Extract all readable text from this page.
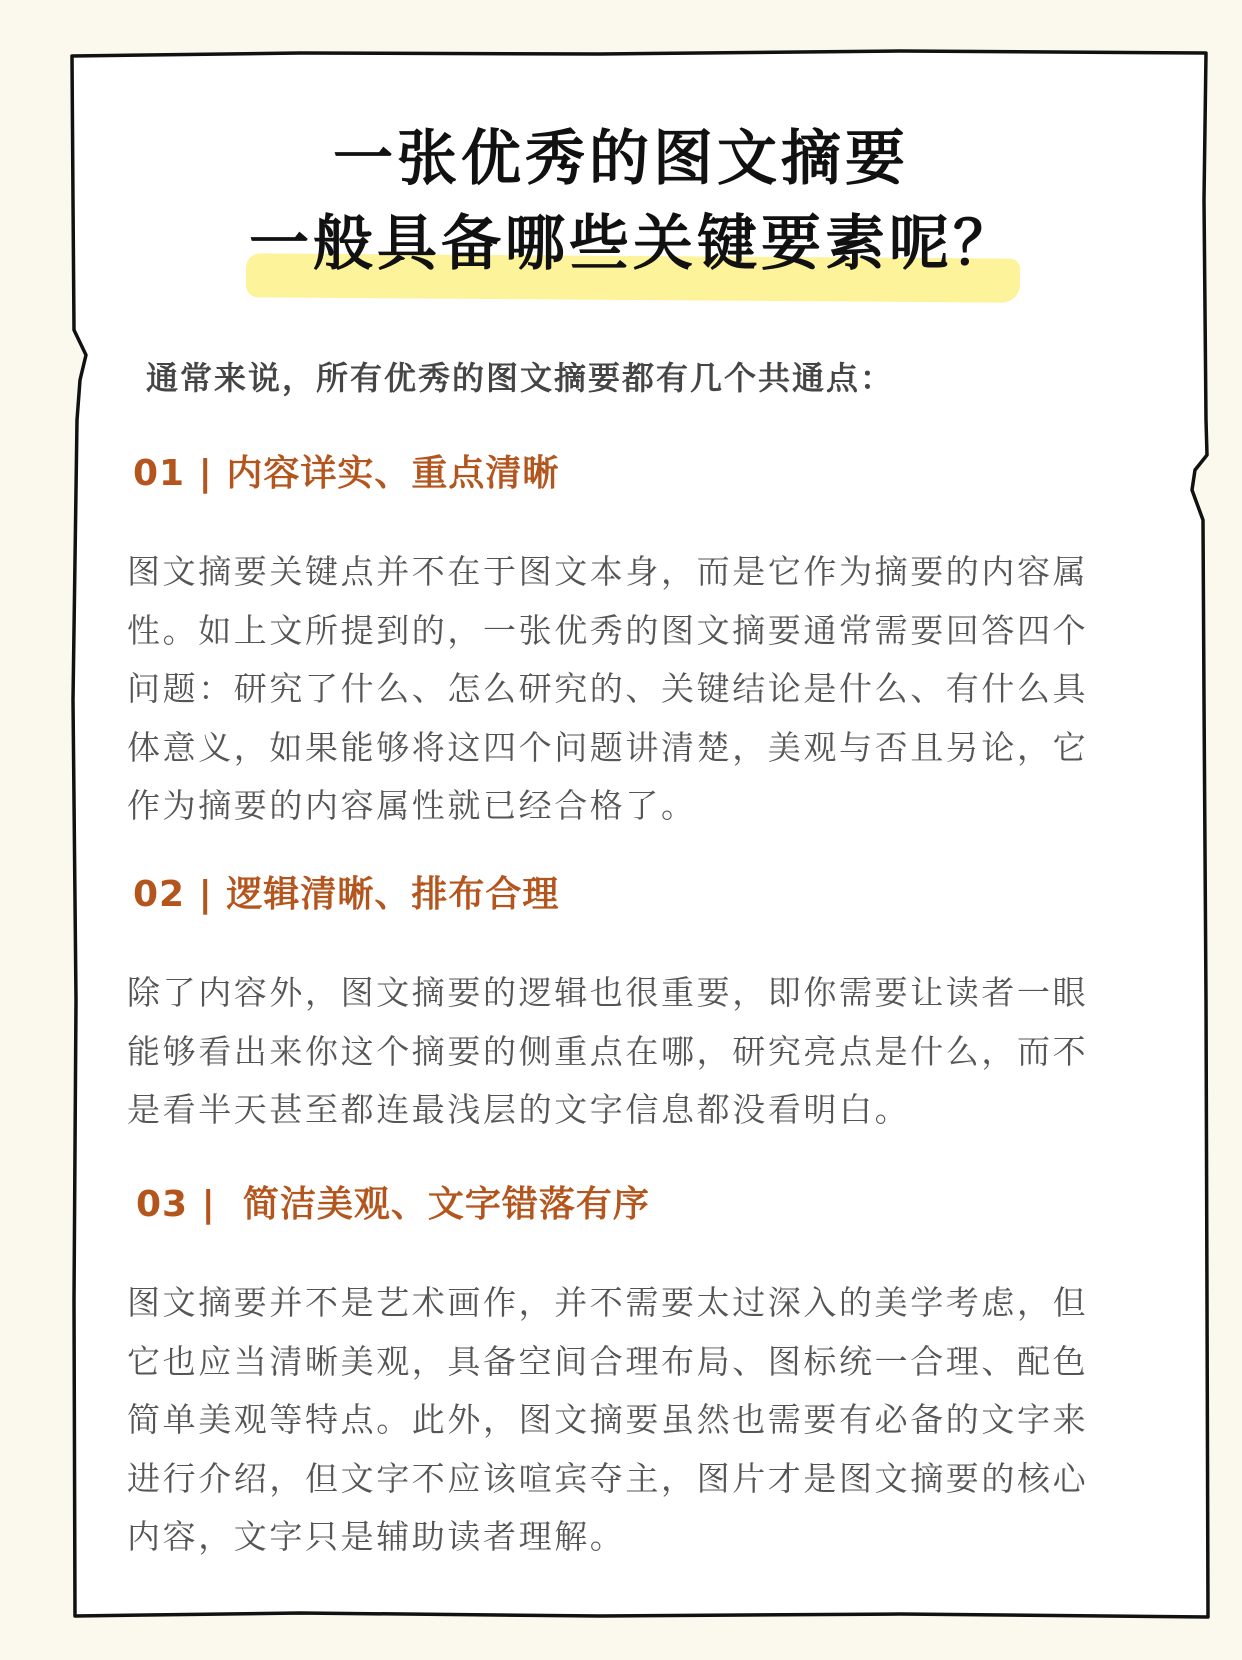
一张优秀的图文摘要
一般具备哪些关键要素呢？
通常来说，所有优秀的图文摘要都有几个共通点：
01 | 内容详实、重点清晰
图文摘要关键点并不在于图文本身，而是它作为摘要的内容属
性。如上文所提到的，一张优秀的图文摘要通常需要回答四个
问题：研究了什么、怎么研究的、关键结论是什么、有什么具
体意义，如果能够将这四个问题讲清楚，美观与否且另论，它
作为摘要的内容属性就已经合格了。
02 | 逻辑清晰、排布合理
除了内容外，图文摘要的逻辑也很重要，即你需要让读者一眼
能够看出来你这个摘要的侧重点在哪，研究亮点是什么，而不
是看半天甚至都连最浅层的文字信息都没看明白。
03 |  简洁美观、文字错落有序
图文摘要并不是艺术画作，并不需要太过深入的美学考虑，但
它也应当清晰美观，具备空间合理布局、图标统一合理、配色
简单美观等特点。此外，图文摘要虽然也需要有必备的文字来
进行介绍，但文字不应该喧宾夺主，图片才是图文摘要的核心
内容，文字只是辅助读者理解。
